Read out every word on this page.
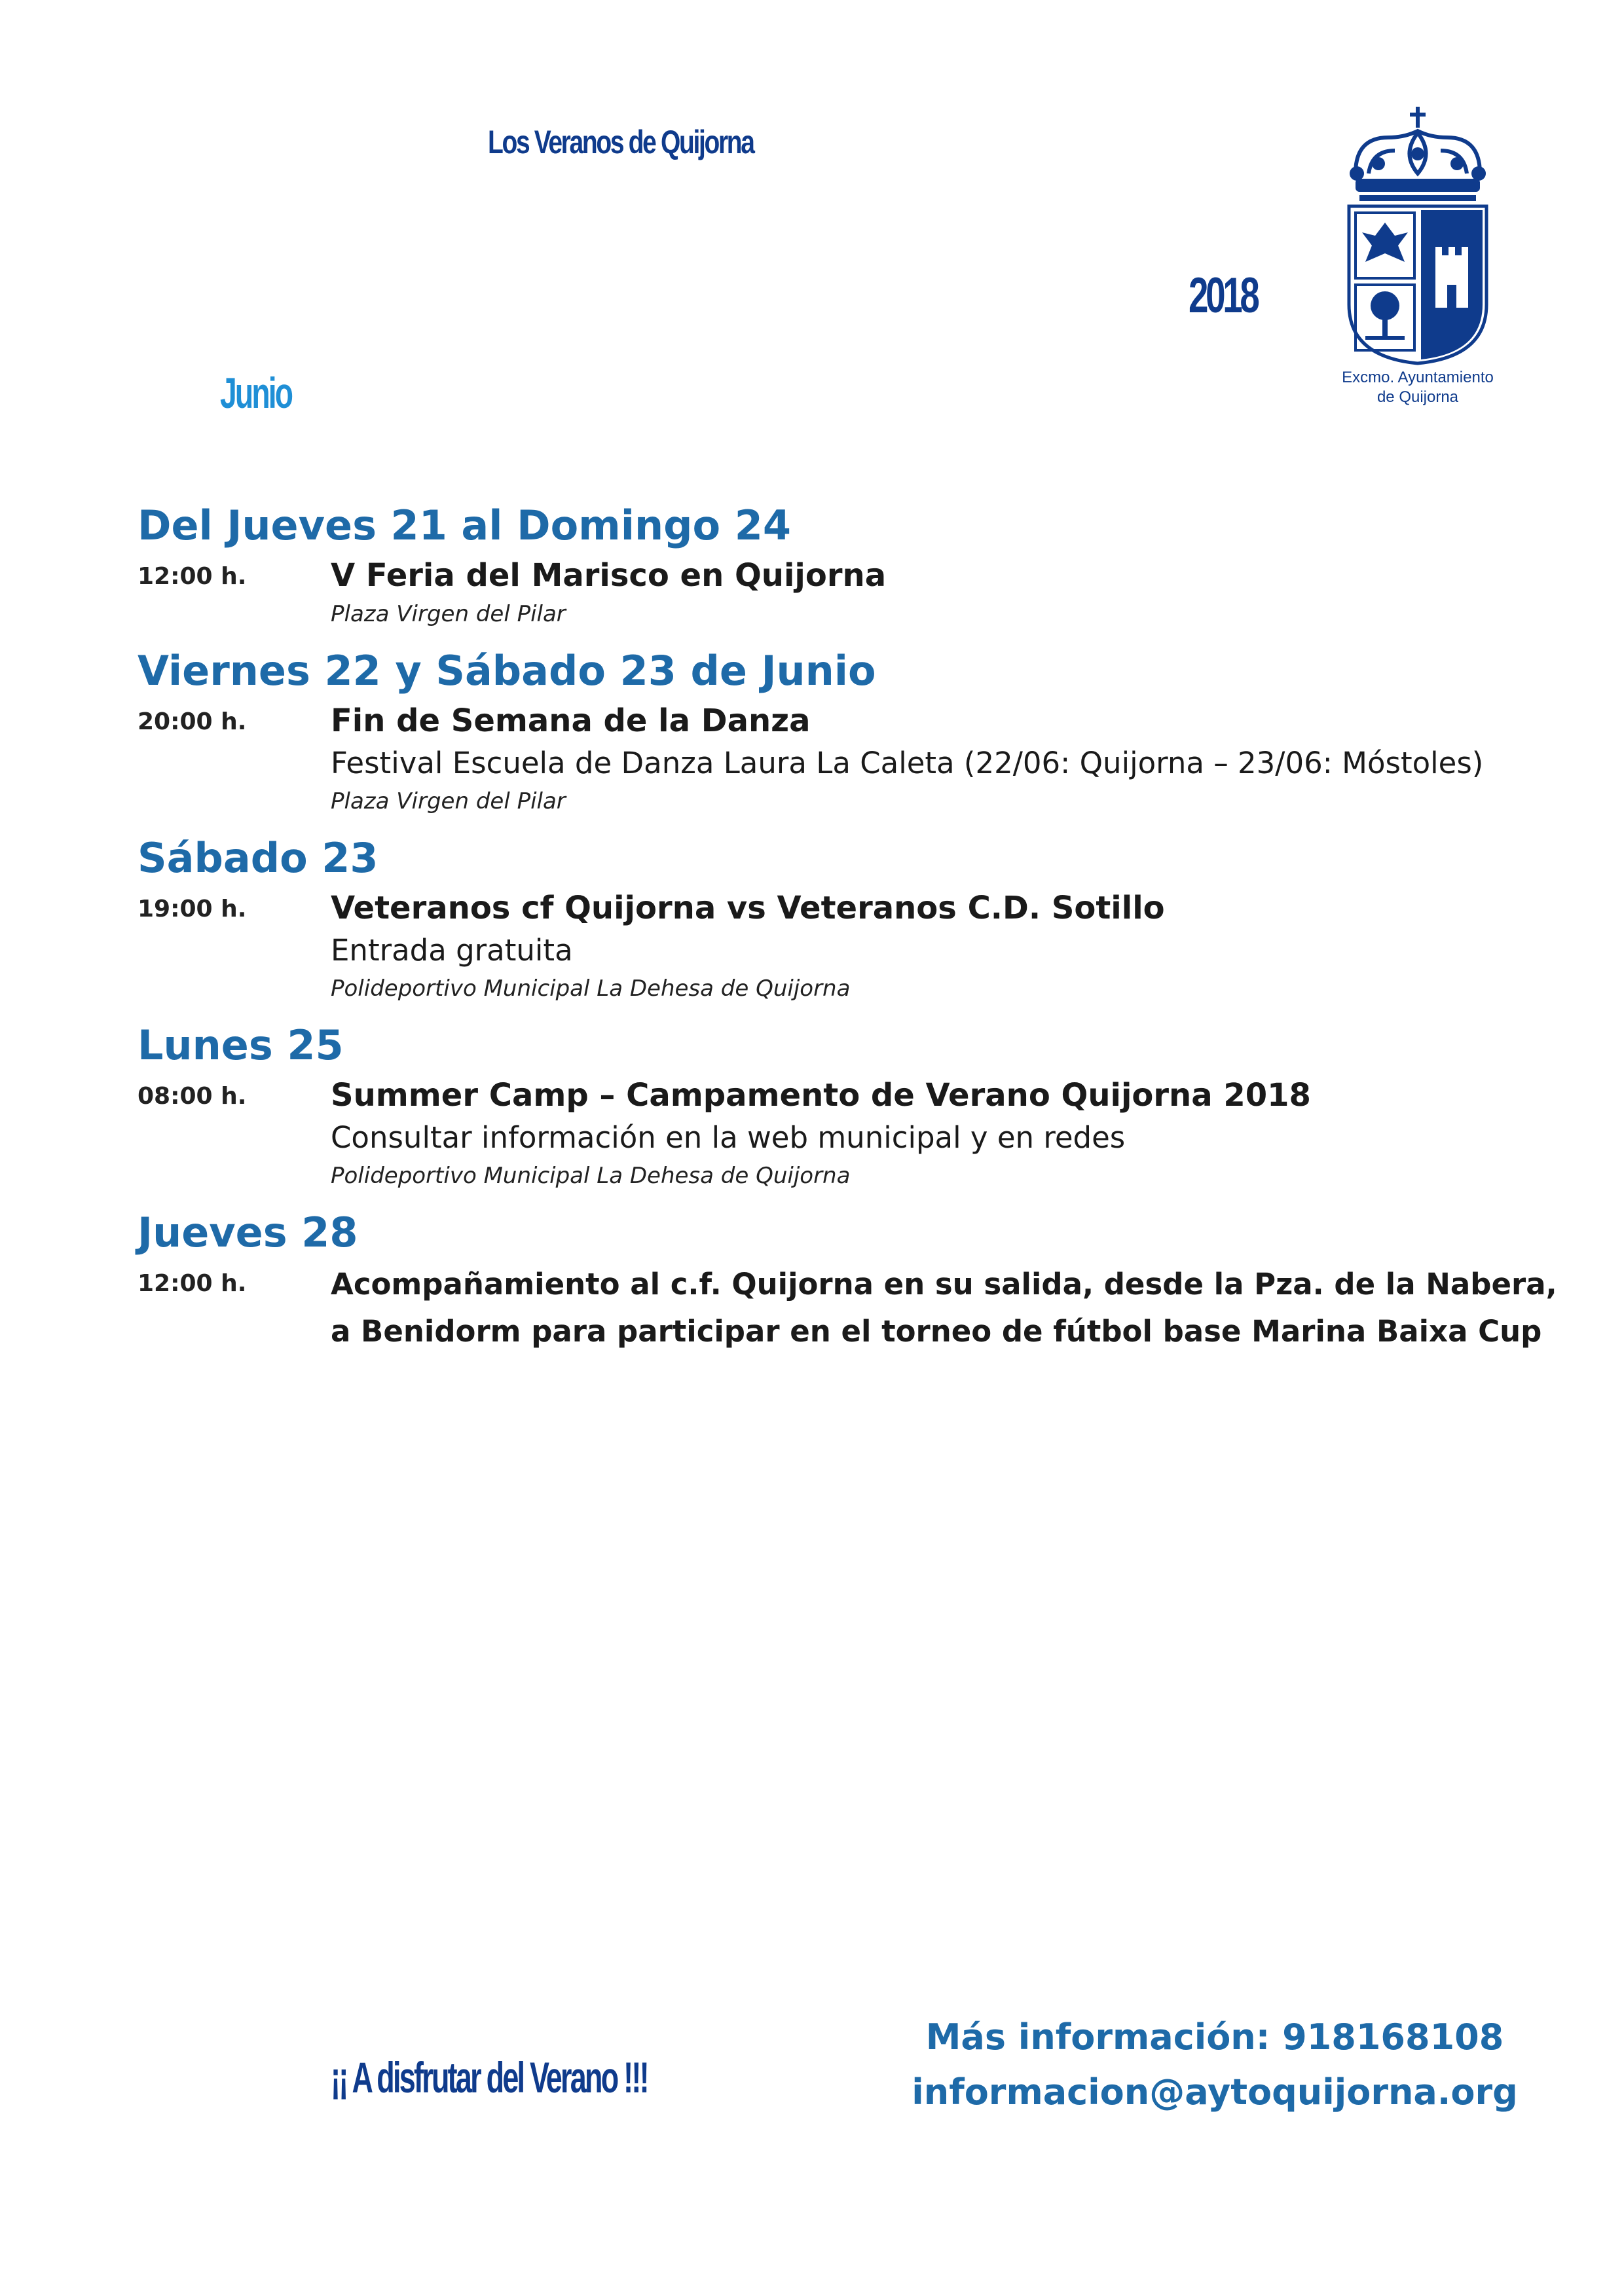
Los Veranos de Quijorna
2018
Junio	Excmo. Ayuntamiento
de Quijorna
Del Jueves 21 al Domingo 24
12:00 h.	V Feria del Marisco en Quijorna
Plaza Virgen del Pilar
Viernes 22 y Sábado 23 de Junio
20:00 h.	Fin de Semana de la Danza
Festival Escuela de Danza Laura La Caleta (22/06: Quijorna – 23/06: Móstoles)
Plaza Virgen del Pilar
Sábado 23
19:00 h.	Veteranos cf Quijorna vs Veteranos C.D. Sotillo
Entrada gratuita
Polideportivo Municipal La Dehesa de Quijorna
Lunes 25
08:00 h.	Summer Camp – Campamento de Verano Quijorna 2018
Consultar información en la web municipal y en redes
Polideportivo Municipal La Dehesa de Quijorna
Jueves 28
12:00 h.	Acompañamiento al c.f. Quijorna en su salida, desde la Pza. de la Nabera,
a Benidorm para participar en el torneo de fútbol base Marina Baixa Cup
¡¡ A disfrutar del Verano !!!
Más información: 918168108
informacion@aytoquijorna.org
